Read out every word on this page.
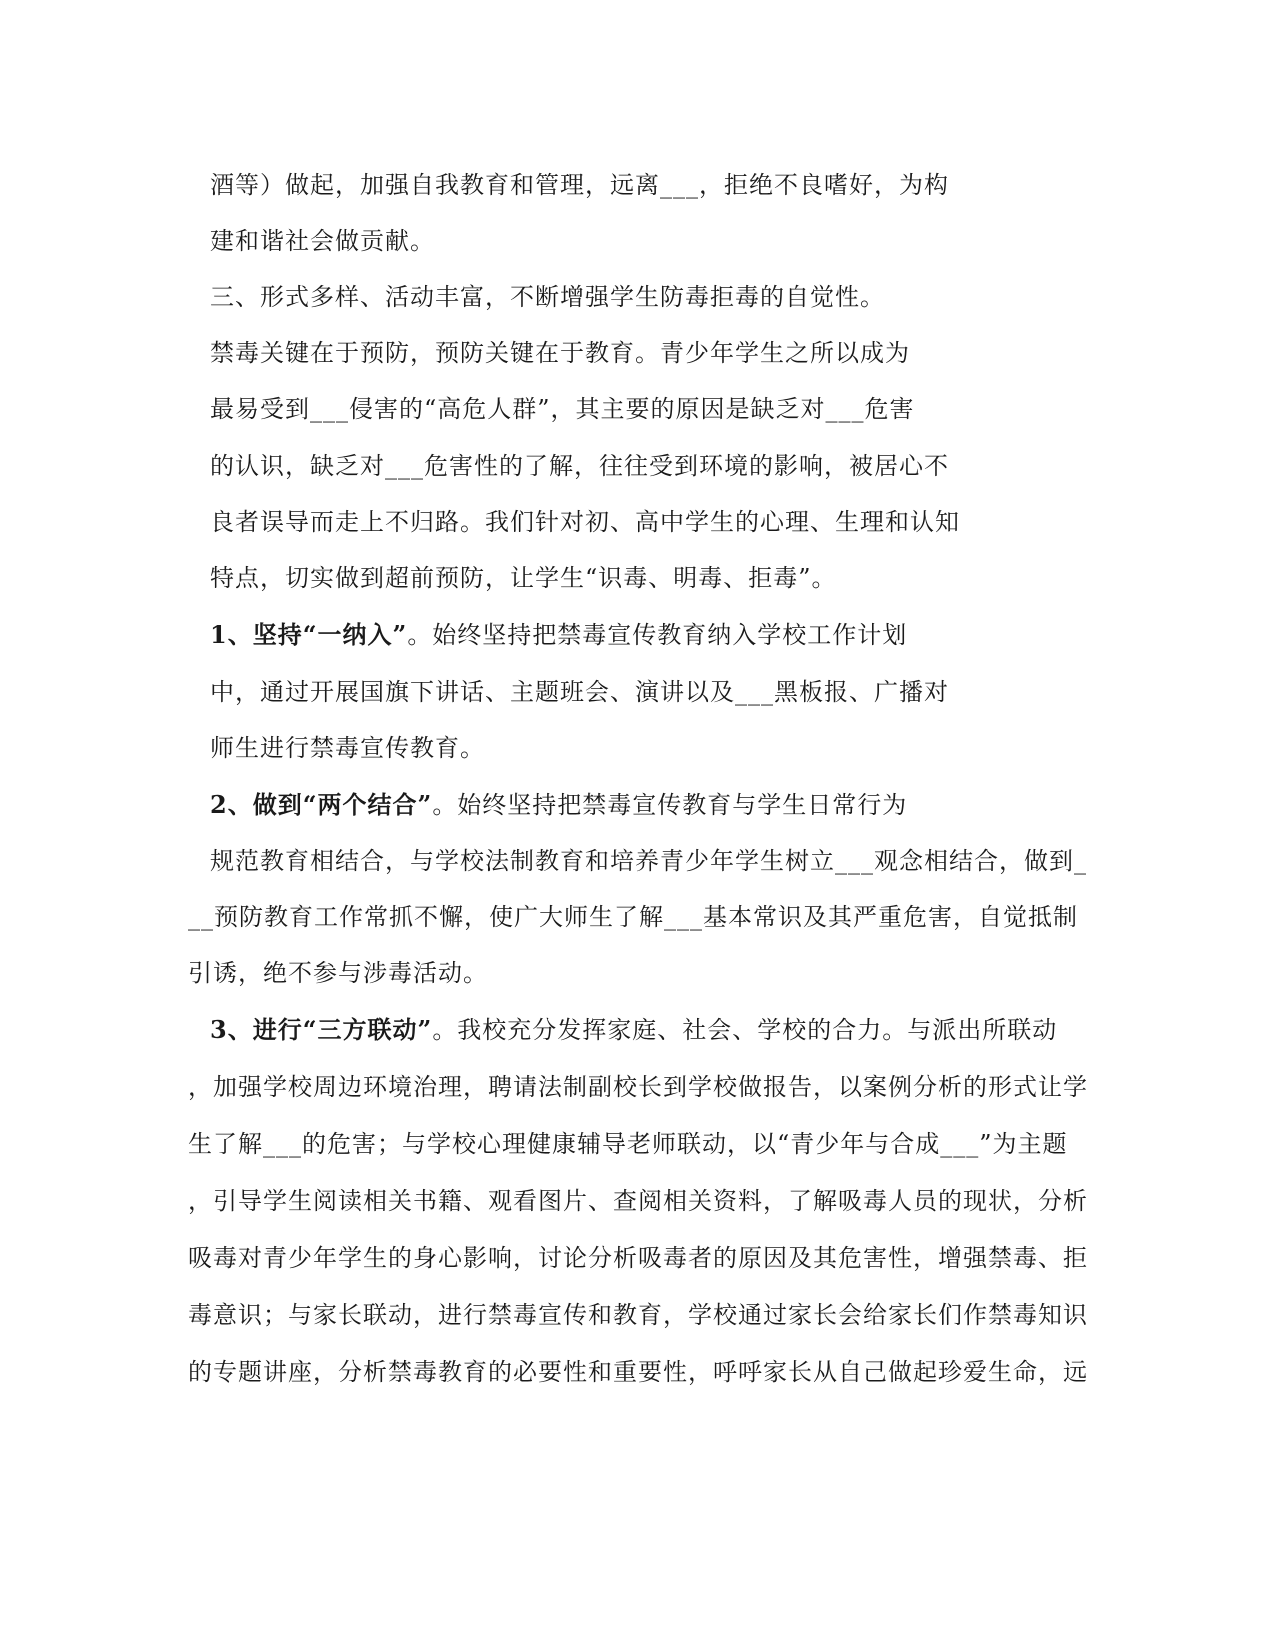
酒等）做起，加强自我教育和管理，远离___，拒绝不良嗜好，为构
建和谐社会做贡献。
三、形式多样、活动丰富，不断增强学生防毒拒毒的自觉性。
禁毒关键在于预防，预防关键在于教育。青少年学生之所以成为
最易受到___侵害的“高危人群”，其主要的原因是缺乏对___危害
的认识，缺乏对___危害性的了解，往往受到环境的影响，被居心不
良者误导而走上不归路。我们针对初、高中学生的心理、生理和认知
特点，切实做到超前预防，让学生“识毒、明毒、拒毒”。
1、坚持“一纳入”。始终坚持把禁毒宣传教育纳入学校工作计划
中，通过开展国旗下讲话、主题班会、演讲以及___黑板报、广播对
师生进行禁毒宣传教育。
2、做到“两个结合”。始终坚持把禁毒宣传教育与学生日常行为
规范教育相结合，与学校法制教育和培养青少年学生树立___观念相结合，做到_
__预防教育工作常抓不懈，使广大师生了解___基本常识及其严重危害，自觉抵制
引诱，绝不参与涉毒活动。
3、进行“三方联动”。我校充分发挥家庭、社会、学校的合力。与派出所联动
，加强学校周边环境治理，聘请法制副校长到学校做报告，以案例分析的形式让学
生了解___的危害；与学校心理健康辅导老师联动，以“青少年与合成___”为主题
，引导学生阅读相关书籍、观看图片、查阅相关资料，了解吸毒人员的现状，分析
吸毒对青少年学生的身心影响，讨论分析吸毒者的原因及其危害性，增强禁毒、拒
毒意识；与家长联动，进行禁毒宣传和教育，学校通过家长会给家长们作禁毒知识
的专题讲座，分析禁毒教育的必要性和重要性，呼呼家长从自己做起珍爱生命，远
